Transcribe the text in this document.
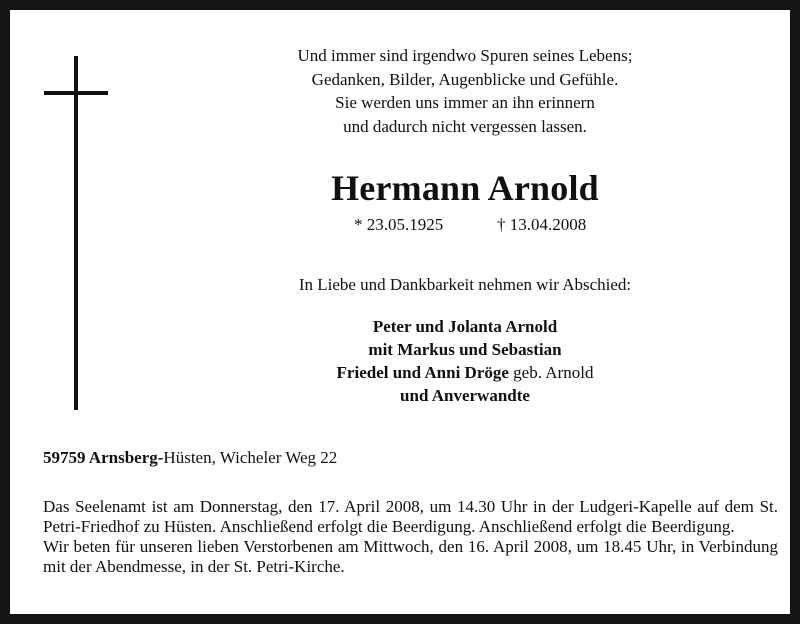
Und immer sind irgendwo Spuren seines Lebens;
Gedanken, Bilder, Augenblicke und Gefühle.
Sie werden uns immer an ihn erinnern
und dadurch nicht vergessen lassen.
Hermann Arnold
* 23.05.1925	† 13.04.2008
In Liebe und Dankbarkeit nehmen wir Abschied:
Peter und Jolanta Arnold
mit Markus und Sebastian
Friedel und Anni Dröge geb. Arnold
und Anverwandte
59759 Arnsberg-Hüsten, Wicheler Weg 22
Das Seelenamt ist am Donnerstag, den 17. April 2008, um 14.30 Uhr in der Ludgeri-Kapelle auf dem St. Petri-Friedhof zu Hüsten. Anschließend erfolgt die Beerdigung. Anschließend erfolgt die Beerdigung.
Wir beten für unseren lieben Verstorbenen am Mittwoch, den 16. April 2008, um 18.45 Uhr, in Verbindung mit der Abendmesse, in der St. Petri-Kirche.
